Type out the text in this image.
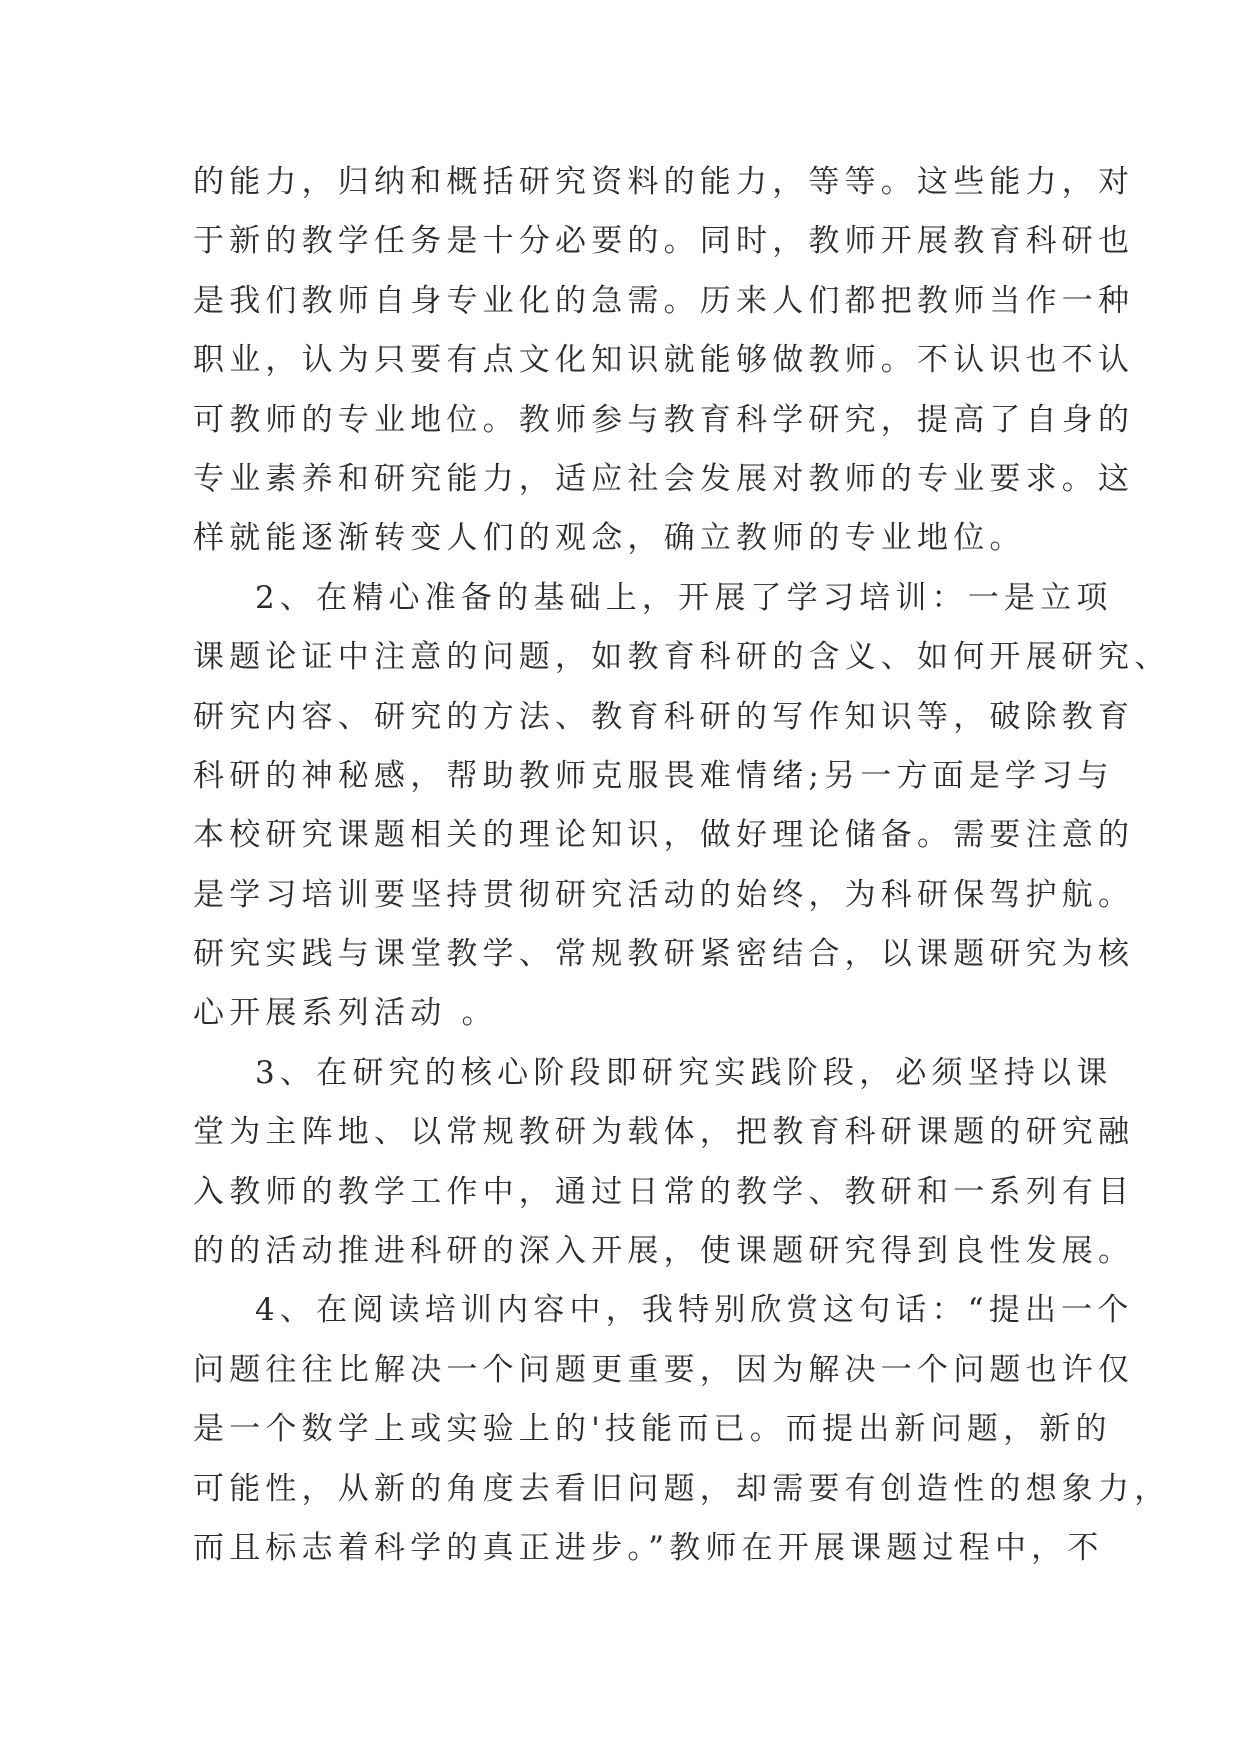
的能力，归纳和概括研究资料的能力，等等。这些能力，对
于新的教学任务是十分必要的。同时，教师开展教育科研也
是我们教师自身专业化的急需。历来人们都把教师当作一种
职业，认为只要有点文化知识就能够做教师。不认识也不认
可教师的专业地位。教师参与教育科学研究，提高了自身的
专业素养和研究能力，适应社会发展对教师的专业要求。这
样就能逐渐转变人们的观念，确立教师的专业地位。
2、在精心准备的基础上，开展了学习培训：一是立项
课题论证中注意的问题，如教育科研的含义、如何开展研究、
研究内容、研究的方法、教育科研的写作知识等，破除教育
科研的神秘感，帮助教师克服畏难情绪;另一方面是学习与
本校研究课题相关的理论知识，做好理论储备。需要注意的
是学习培训要坚持贯彻研究活动的始终，为科研保驾护航。
研究实践与课堂教学、常规教研紧密结合，以课题研究为核
心开展系列活动 。
3、在研究的核心阶段即研究实践阶段，必须坚持以课
堂为主阵地、以常规教研为载体，把教育科研课题的研究融
入教师的教学工作中，通过日常的教学、教研和一系列有目
的的活动推进科研的深入开展，使课题研究得到良性发展。
4、在阅读培训内容中，我特别欣赏这句话：“提出一个
问题往往比解决一个问题更重要，因为解决一个问题也许仅
是一个数学上或实验上的'技能而已。而提出新问题，新的
可能性，从新的角度去看旧问题，却需要有创造性的想象力，
而且标志着科学的真正进步。”教师在开展课题过程中，不
